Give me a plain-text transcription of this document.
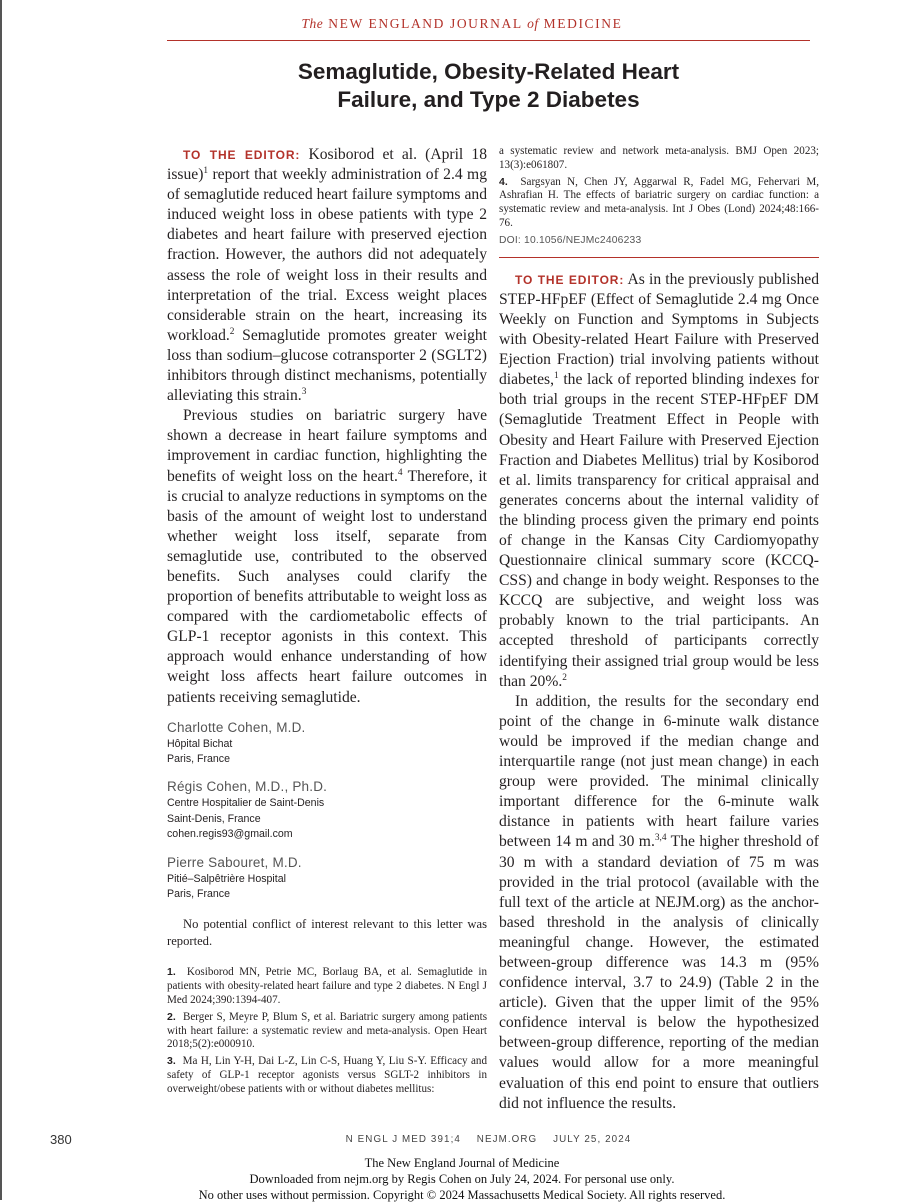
The NEW ENGLAND JOURNAL of MEDICINE
Semaglutide, Obesity-Related Heart
Failure, and Type 2 Diabetes

TO THE EDITOR: Kosiborod et al. (April 18 issue)$^1$ report that weekly administration of 2.4 mg of semaglutide reduced heart failure symptoms and induced weight loss in obese patients with type 2 diabetes and heart failure with preserved ejection fraction. However, the authors did not adequately assess the role of weight loss in their results and interpretation of the trial. Excess weight places considerable strain on the heart, increasing its workload.$^2$ Semaglutide promotes greater weight loss than sodium–glucose cotransporter 2 (SGLT2) inhibitors through distinct mechanisms, potentially alleviating this strain.$^3$

Previous studies on bariatric surgery have shown a decrease in heart failure symptoms and improvement in cardiac function, highlighting the benefits of weight loss on the heart.$^4$ Therefore, it is crucial to analyze reductions in symptoms on the basis of the amount of weight lost to understand whether weight loss itself, separate from semaglutide use, contributed to the observed benefits. Such analyses could clarify the proportion of benefits attributable to weight loss as compared with the cardiometabolic effects of GLP-1 receptor agonists in this context. This approach would enhance understanding of how weight loss affects heart failure outcomes in patients receiving semaglutide.

Charlotte Cohen, M.D.
Hôpital Bichat
Paris, France
Régis Cohen, M.D., Ph.D.
Centre Hospitalier de Saint-Denis
Saint-Denis, France
cohen.regis93@gmail.com
Pierre Sabouret, M.D.
Pitié–Salpêtrière Hospital
Paris, France

No potential conflict of interest relevant to this letter was reported.

1. Kosiborod MN, Petrie MC, Borlaug BA, et al. Semaglutide in patients with obesity-related heart failure and type 2 diabetes. N Engl J Med 2024;390:1394-407.

2. Berger S, Meyre P, Blum S, et al. Bariatric surgery among patients with heart failure: a systematic review and meta-analysis. Open Heart 2018;5(2):e000910.

3. Ma H, Lin Y-H, Dai L-Z, Lin C-S, Huang Y, Liu S-Y. Efficacy and safety of GLP-1 receptor agonists versus SGLT-2 inhibitors in overweight/obese patients with or without diabetes mellitus:

a systematic review and network meta-analysis. BMJ Open 2023; 13(3):e061807.

4. Sargsyan N, Chen JY, Aggarwal R, Fadel MG, Fehervari M, Ashrafian H. The effects of bariatric surgery on cardiac function: a systematic review and meta-analysis. Int J Obes (Lond) 2024;48:166-76.

DOI: 10.1056/NEJMc2406233

TO THE EDITOR: As in the previously published STEP-HFpEF (Effect of Semaglutide 2.4 mg Once Weekly on Function and Symptoms in Subjects with Obesity-related Heart Failure with Preserved Ejection Fraction) trial involving patients without diabetes,$^1$ the lack of reported blinding indexes for both trial groups in the recent STEP-HFpEF DM (Semaglutide Treatment Effect in People with Obesity and Heart Failure with Preserved Ejection Fraction and Diabetes Mellitus) trial by Kosiborod et al. limits transparency for critical appraisal and generates concerns about the internal validity of the blinding process given the primary end points of change in the Kansas City Cardiomyopathy Questionnaire clinical summary score (KCCQ-CSS) and change in body weight. Responses to the KCCQ are subjective, and weight loss was probably known to the trial participants. An accepted threshold of participants correctly identifying their assigned trial group would be less than 20%.$^2$

In addition, the results for the secondary end point of the change in 6-minute walk distance would be improved if the median change and interquartile range (not just mean change) in each group were provided. The minimal clinically important difference for the 6-minute walk distance in patients with heart failure varies between 14 m and 30 m.$^{3,4}$ The higher threshold of 30 m with a standard deviation of 75 m was provided in the trial protocol (available with the full text of the article at NEJM.org) as the anchor-based threshold in the analysis of clinically meaningful change. However, the estimated between-group difference was 14.3 m (95% confidence interval, 3.7 to 24.9) (Table 2 in the article). Given that the upper limit of the 95% confidence interval is below the hypothesized between-group difference, reporting of the median values would allow for a more meaningful evaluation of this end point to ensure that outliers did not influence the results.

380	N ENGL J MED 391;4 NEJM.ORG JULY 25, 2024
The New England Journal of Medicine
Downloaded from nejm.org by Regis Cohen on July 24, 2024. For personal use only.
No other uses without permission. Copyright © 2024 Massachusetts Medical Society. All rights reserved.
